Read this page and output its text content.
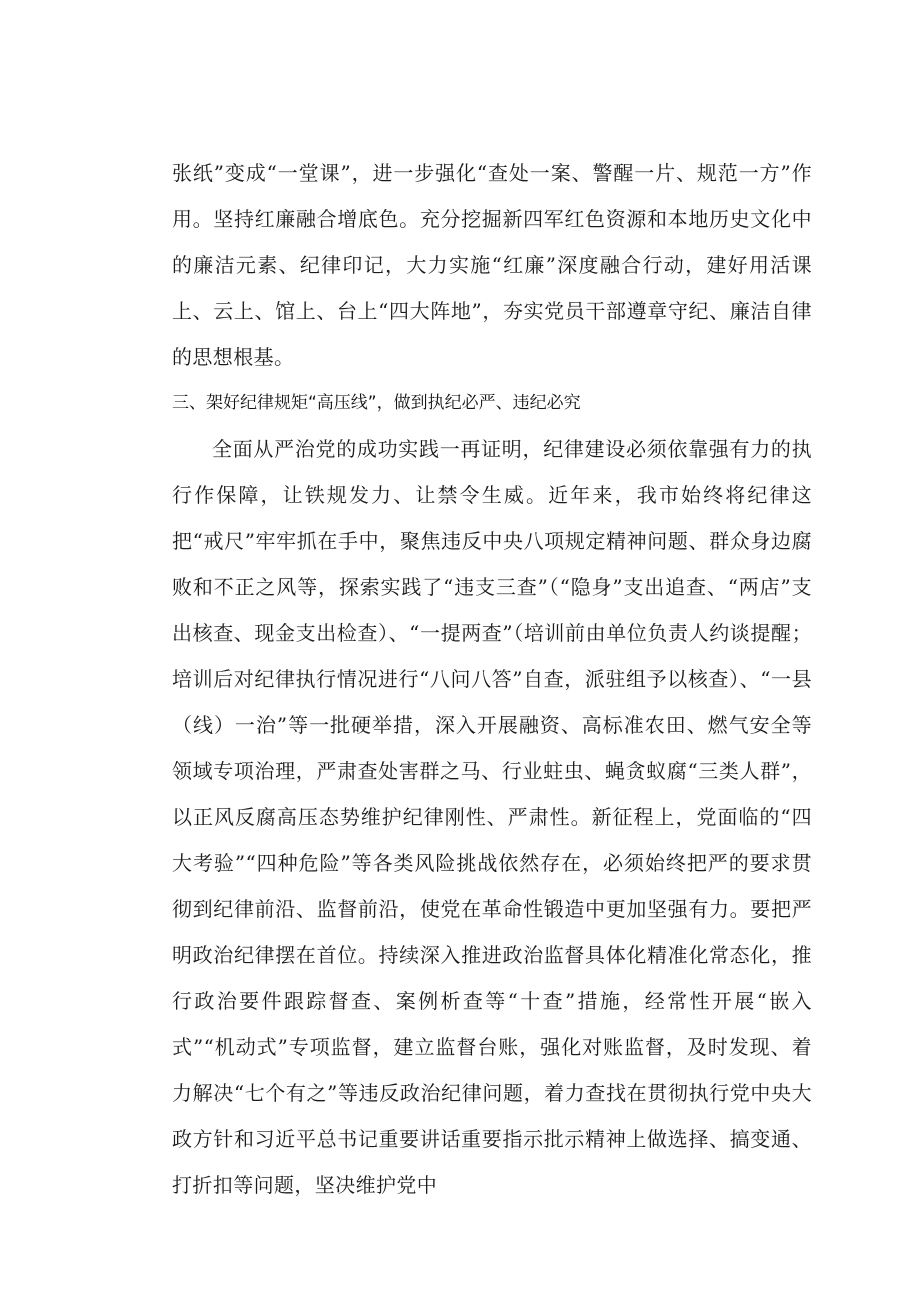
张纸”变成“一堂课”，进一步强化“查处一案、警醒一片、规范一方”作用。坚持红廉融合增底色。充分挖掘新四军红色资源和本地历史文化中的廉洁元素、纪律印记，大力实施“红廉”深度融合行动，建好用活课上、云上、馆上、台上“四大阵地”，夯实党员干部遵章守纪、廉洁自律的思想根基。

三、架好纪律规矩“高压线”，做到执纪必严、违纪必究

全面从严治党的成功实践一再证明，纪律建设必须依靠强有力的执行作保障，让铁规发力、让禁令生威。近年来，我市始终将纪律这把“戒尺”牢牢抓在手中，聚焦违反中央八项规定精神问题、群众身边腐败和不正之风等，探索实践了“违支三查”（“隐身”支出追查、“两店”支出核查、现金支出检查）、“一提两查”（培训前由单位负责人约谈提醒；培训后对纪律执行情况进行“八问八答”自查，派驻组予以核查）、“一县（线）一治”等一批硬举措，深入开展融资、高标准农田、燃气安全等领域专项治理，严肃查处害群之马、行业蛀虫、蝇贪蚁腐“三类人群”，以正风反腐高压态势维护纪律刚性、严肃性。新征程上，党面临的“四大考验”“四种危险”等各类风险挑战依然存在，必须始终把严的要求贯彻到纪律前沿、监督前沿，使党在革命性锻造中更加坚强有力。要把严明政治纪律摆在首位。持续深入推进政治监督具体化精准化常态化，推行政治要件跟踪督查、案例析查等“十查”措施，经常性开展“嵌入式”“机动式”专项监督，建立监督台账，强化对账监督，及时发现、着力解决“七个有之”等违反政治纪律问题，着力查找在贯彻执行党中央大政方针和习近平总书记重要讲话重要指示批示精神上做选择、搞变通、打折扣等问题，坚决维护党中
